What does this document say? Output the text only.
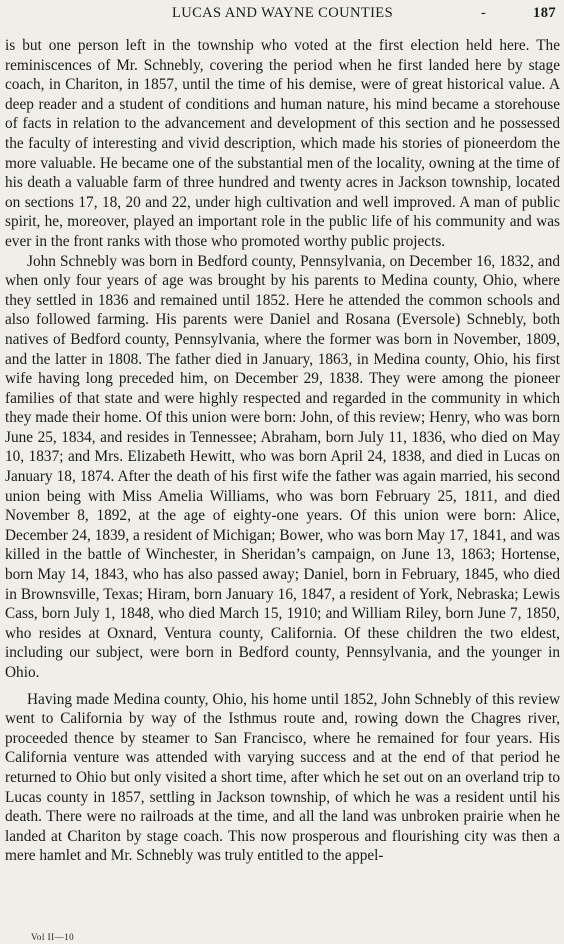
LUCAS AND WAYNE COUNTIES	-	187

is but one person left in the township who voted at the first election held here. The reminiscences of Mr. Schnebly, covering the period when he first landed here by stage coach, in Chariton, in 1857, until the time of his demise, were of great historical value. A deep reader and a student of conditions and human nature, his mind became a storehouse of facts in relation to the advancement and development of this section and he possessed the faculty of interesting and vivid description, which made his stories of pioneerdom the more valuable. He became one of the substantial men of the locality, owning at the time of his death a valuable farm of three hundred and twenty acres in Jackson township, located on sections 17, 18, 20 and 22, under high cultivation and well improved. A man of public spirit, he, moreover, played an important role in the public life of his community and was ever in the front ranks with those who promoted worthy public projects.

John Schnebly was born in Bedford county, Pennsylvania, on December 16, 1832, and when only four years of age was brought by his parents to Medina county, Ohio, where they settled in 1836 and remained until 1852. Here he attended the common schools and also followed farming. His parents were Daniel and Rosana (Eversole) Schnebly, both natives of Bedford county, Pennsylvania, where the former was born in November, 1809, and the latter in 1808. The father died in January, 1863, in Medina county, Ohio, his first wife having long preceded him, on December 29, 1838. They were among the pioneer families of that state and were highly respected and regarded in the community in which they made their home. Of this union were born: John, of this review; Henry, who was born June 25, 1834, and resides in Tennessee; Abraham, born July 11, 1836, who died on May 10, 1837; and Mrs. Elizabeth Hewitt, who was born April 24, 1838, and died in Lucas on January 18, 1874. After the death of his first wife the father was again married, his second union being with Miss Amelia Williams, who was born February 25, 1811, and died November 8, 1892, at the age of eighty-one years. Of this union were born: Alice, December 24, 1839, a resident of Michigan; Bower, who was born May 17, 1841, and was killed in the battle of Winchester, in Sheridan’s campaign, on June 13, 1863; Hortense, born May 14, 1843, who has also passed away; Daniel, born in February, 1845, who died in Brownsville, Texas; Hiram, born January 16, 1847, a resident of York, Nebraska; Lewis Cass, born July 1, 1848, who died March 15, 1910; and William Riley, born June 7, 1850, who resides at Oxnard, Ventura county, California. Of these children the two eldest, including our subject, were born in Bedford county, Pennsylvania, and the younger in Ohio.

Having made Medina county, Ohio, his home until 1852, John Schnebly of this review went to California by way of the Isthmus route and, rowing down the Chagres river, proceeded thence by steamer to San Francisco, where he remained for four years. His California venture was attended with varying success and at the end of that period he returned to Ohio but only visited a short time, after which he set out on an overland trip to Lucas county in 1857, settling in Jackson township, of which he was a resident until his death. There were no railroads at the time, and all the land was unbroken prairie when he landed at Chariton by stage coach. This now prosperous and flourishing city was then a mere hamlet and Mr. Schnebly was truly entitled to the appel-

Vol II—10
